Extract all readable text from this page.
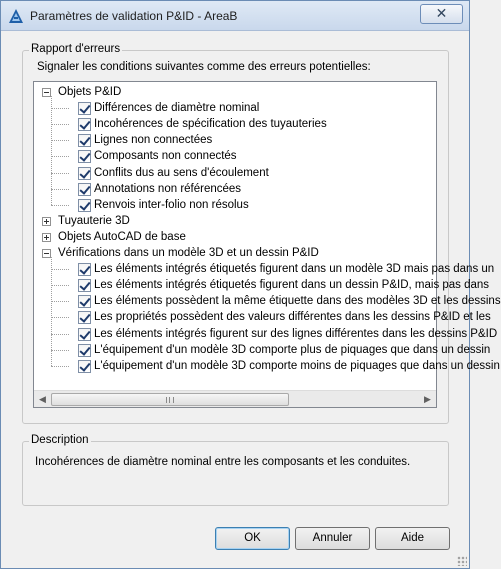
Paramètres de validation P&ID - AreaB	✕
Rapport d'erreurs
Signaler les conditions suivantes comme des erreurs potentielles:
◀	▶
Objets P&ID
Différences de diamètre nominal
Incohérences de spécification des tuyauteries
Lignes non connectées
Composants non connectés
Conflits dus au sens d'écoulement
Annotations non référencées
Renvois inter-folio non résolus
Tuyauterie 3D
Objets AutoCAD de base
Vérifications dans un modèle 3D et un dessin P&ID
Les éléments intégrés étiquetés figurent dans un modèle 3D mais pas dans un
Les éléments intégrés étiquetés figurent dans un dessin P&ID, mais pas dans
Les éléments possèdent la même étiquette dans des modèles 3D et les dessins
Les propriétés possèdent des valeurs différentes dans les dessins P&ID et les
Les éléments intégrés figurent sur des lignes différentes dans les dessins P&ID
L'équipement d'un modèle 3D comporte plus de piquages que dans un dessin
L'équipement d'un modèle 3D comporte moins de piquages que dans un dessin
Description
Incohérences de diamètre nominal entre les composants et les conduites.
OK	Annuler	Aide
